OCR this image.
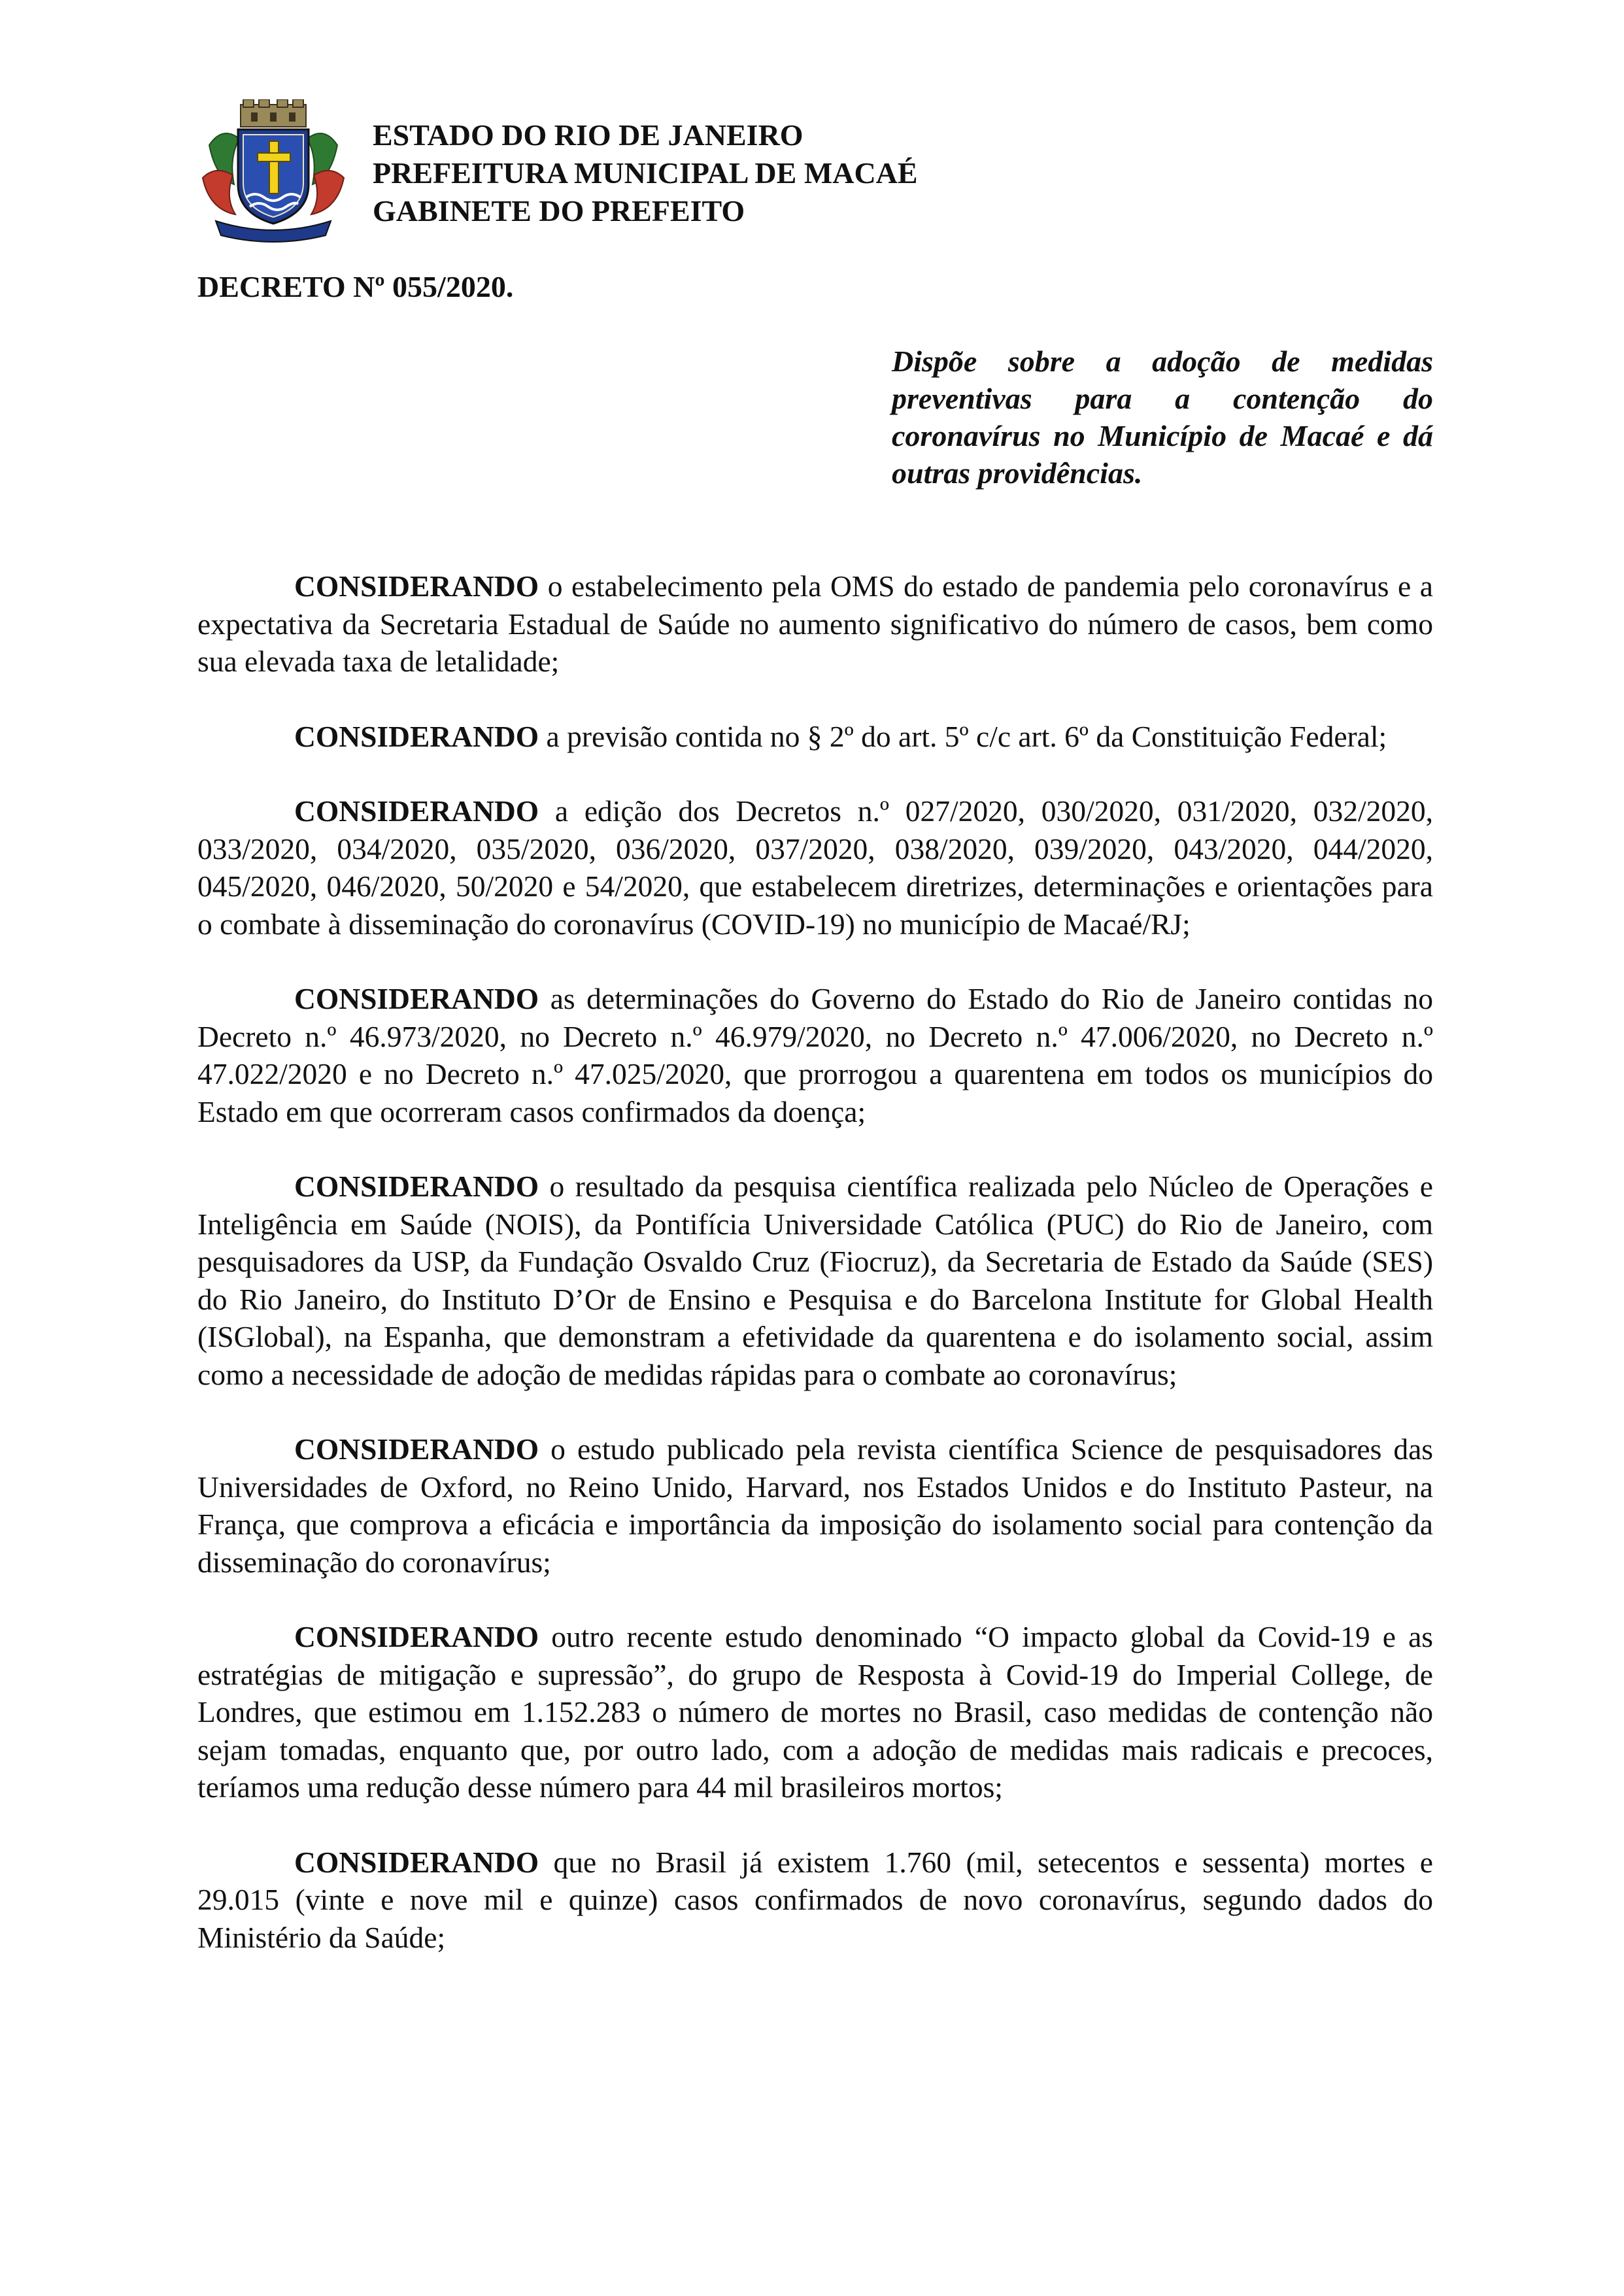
ESTADO DO RIO DE JANEIRO
PREFEITURA MUNICIPAL DE MACAÉ
GABINETE DO PREFEITO
DECRETO Nº 055/2020.
Dispõe sobre a adoção de medidas preventivas para a contenção do coronavírus no Município de Macaé e dá outras providências.

CONSIDERANDO o estabelecimento pela OMS do estado de pandemia pelo coronavírus e a expectativa da Secretaria Estadual de Saúde no aumento significativo do número de casos, bem como sua elevada taxa de letalidade;

CONSIDERANDO a previsão contida no § 2º do art. 5º c/c art. 6º da Constituição Federal;

CONSIDERANDO a edição dos Decretos n.º 027/2020, 030/2020, 031/2020, 032/2020, 033/2020, 034/2020, 035/2020, 036/2020, 037/2020, 038/2020, 039/2020, 043/2020, 044/2020, 045/2020, 046/2020, 50/2020 e 54/2020, que estabelecem diretrizes, determinações e orientações para o combate à disseminação do coronavírus (COVID-19) no município de Macaé/RJ;

CONSIDERANDO as determinações do Governo do Estado do Rio de Janeiro contidas no Decreto n.º 46.973/2020, no Decreto n.º 46.979/2020, no Decreto n.º 47.006/2020, no Decreto n.º 47.022/2020 e no Decreto n.º 47.025/2020, que prorrogou a quarentena em todos os municípios do Estado em que ocorreram casos confirmados da doença;

CONSIDERANDO o resultado da pesquisa científica realizada pelo Núcleo de Operações e Inteligência em Saúde (NOIS), da Pontifícia Universidade Católica (PUC) do Rio de Janeiro, com pesquisadores da USP, da Fundação Osvaldo Cruz (Fiocruz), da Secretaria de Estado da Saúde (SES) do Rio Janeiro, do Instituto D’Or de Ensino e Pesquisa e do Barcelona Institute for Global Health (ISGlobal), na Espanha, que demonstram a efetividade da quarentena e do isolamento social, assim como a necessidade de adoção de medidas rápidas para o combate ao coronavírus;

CONSIDERANDO o estudo publicado pela revista científica Science de pesquisadores das Universidades de Oxford, no Reino Unido, Harvard, nos Estados Unidos e do Instituto Pasteur, na França, que comprova a eficácia e importância da imposição do isolamento social para contenção da disseminação do coronavírus;

CONSIDERANDO outro recente estudo denominado “O impacto global da Covid-19 e as estratégias de mitigação e supressão”, do grupo de Resposta à Covid-19 do Imperial College, de Londres, que estimou em 1.152.283 o número de mortes no Brasil, caso medidas de contenção não sejam tomadas, enquanto que, por outro lado, com a adoção de medidas mais radicais e precoces, teríamos uma redução desse número para 44 mil brasileiros mortos;

CONSIDERANDO que no Brasil já existem 1.760 (mil, setecentos e sessenta) mortes e 29.015 (vinte e nove mil e quinze) casos confirmados de novo coronavírus, segundo dados do Ministério da Saúde;
